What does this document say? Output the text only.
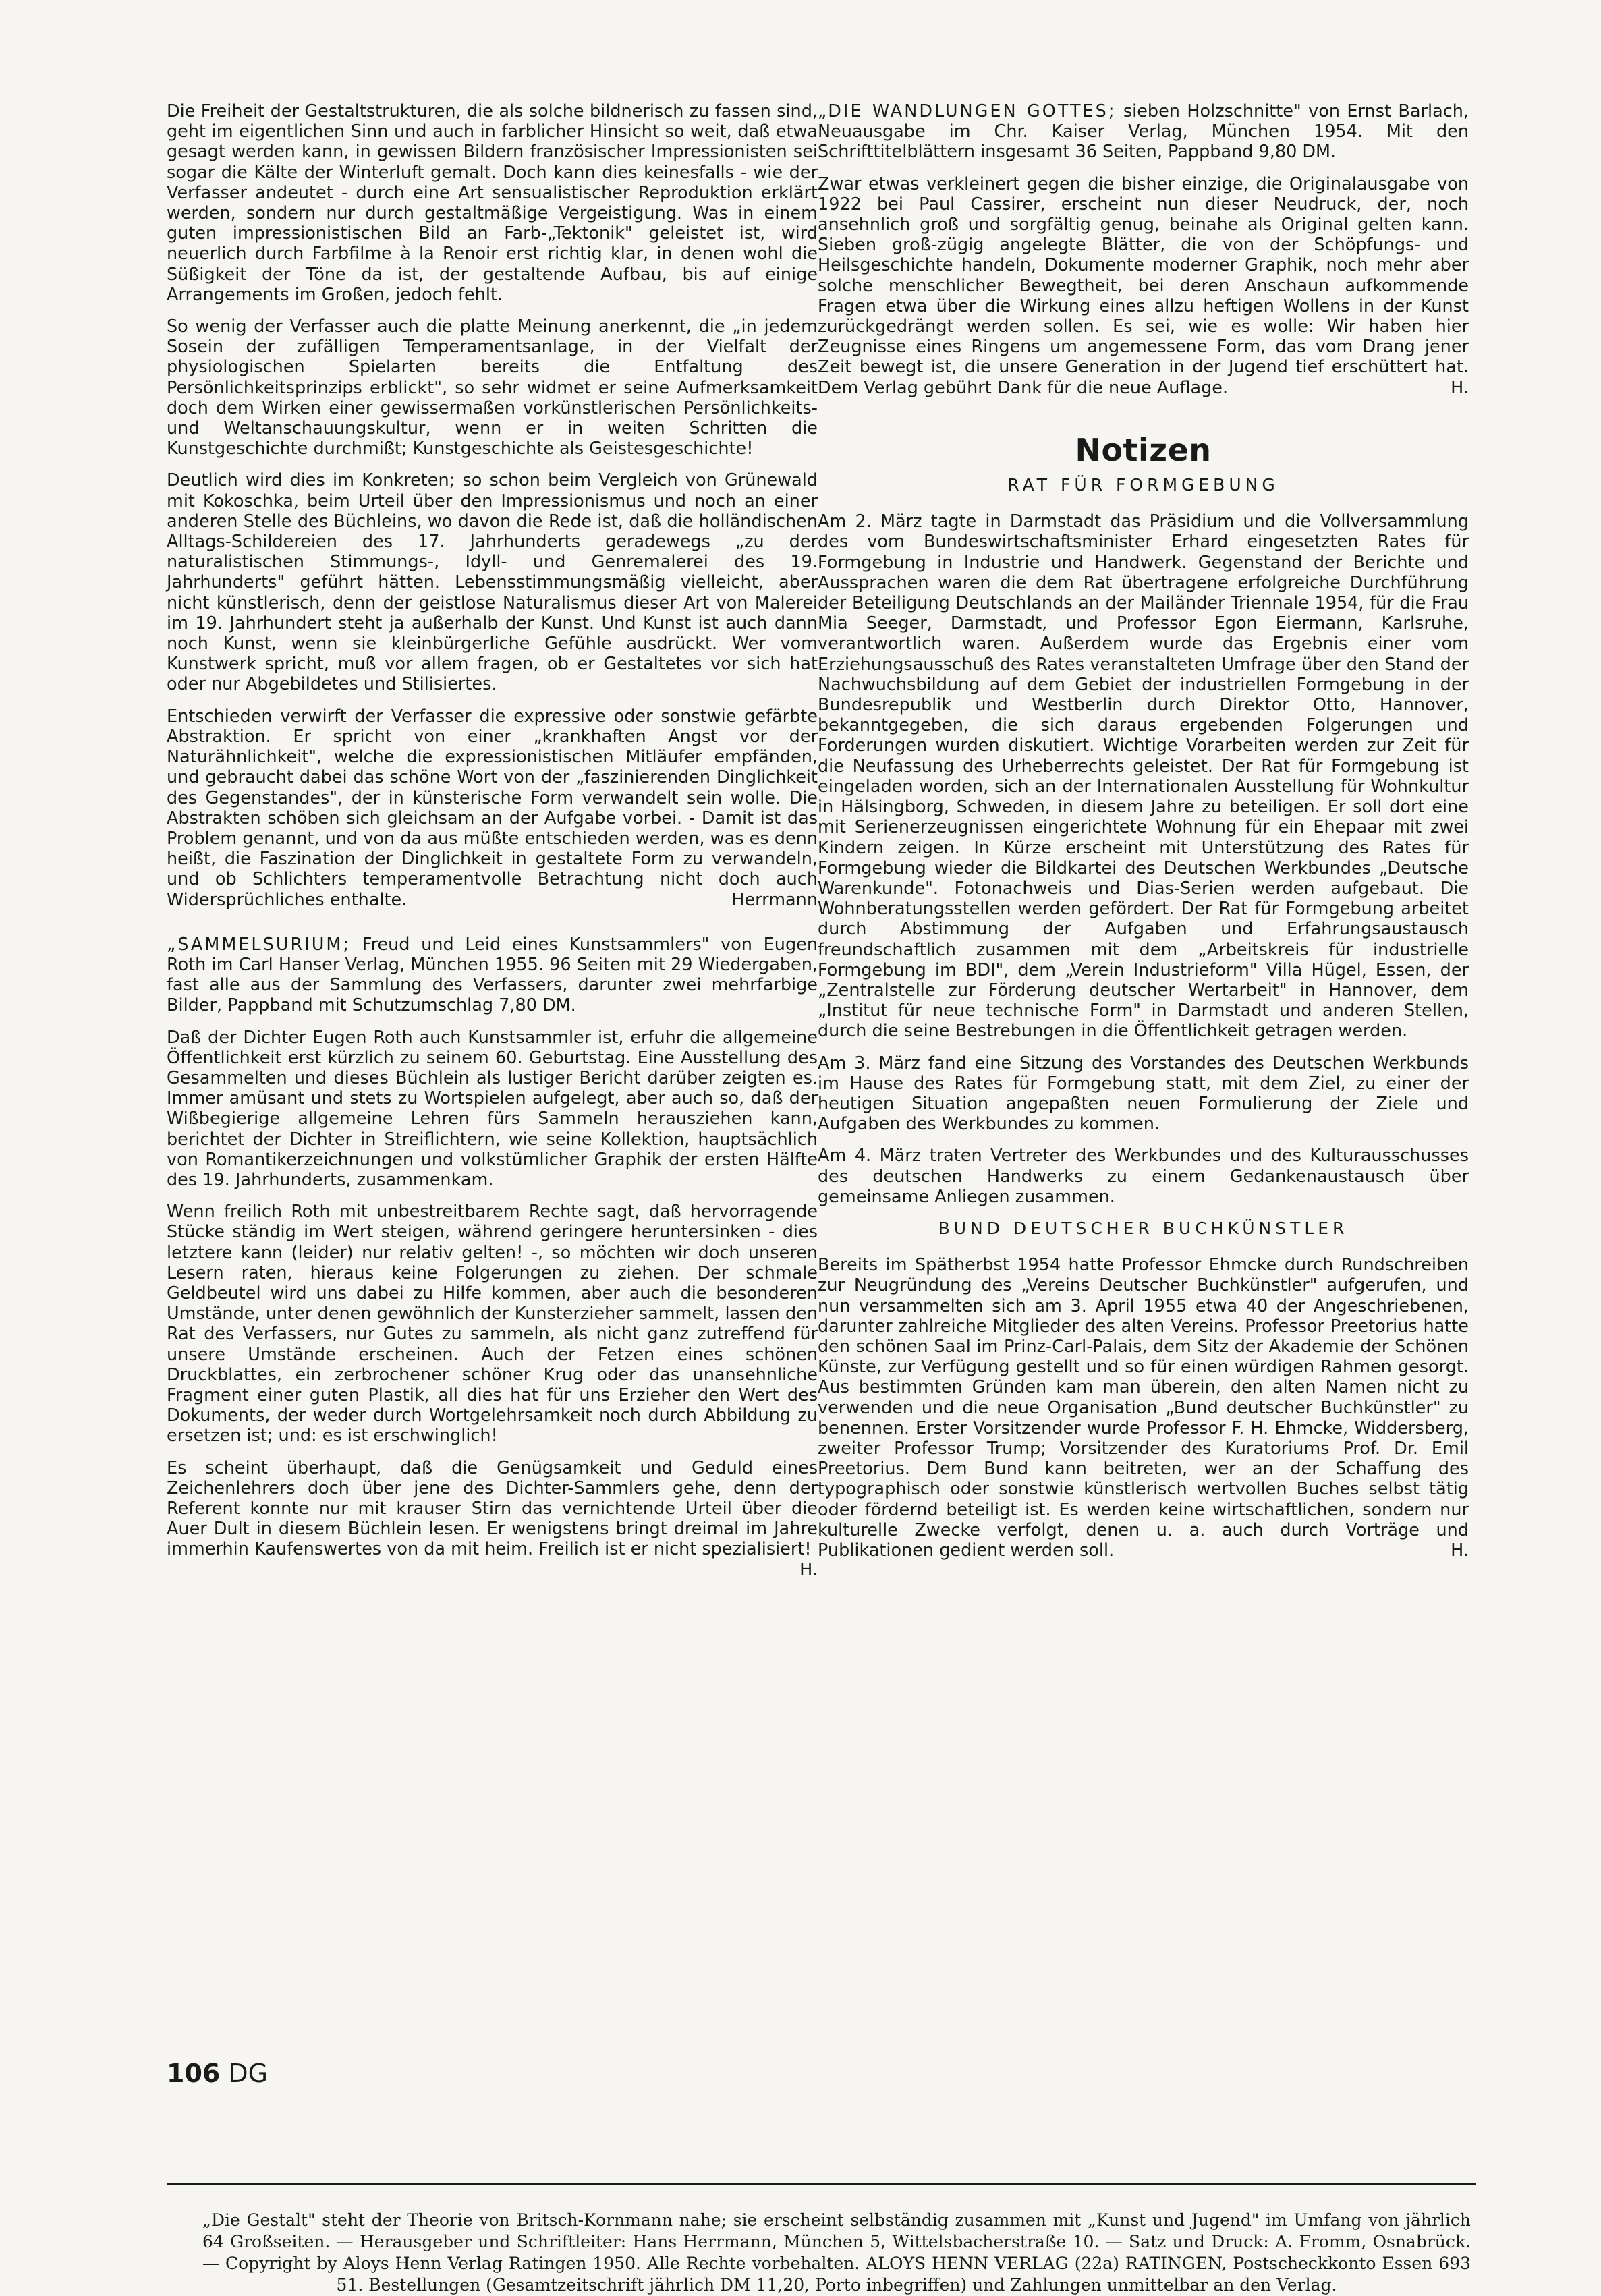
Die Freiheit der Gestaltstrukturen, die als solche bildnerisch zu fassen sind, geht im eigentlichen Sinn und auch in farblicher Hinsicht so weit, daß etwa gesagt werden kann, in gewissen Bildern französischer Impressionisten sei sogar die Kälte der Winterluft gemalt. Doch kann dies keinesfalls - wie der Verfasser andeutet - durch eine Art sensualistischer Reproduktion erklärt werden, sondern nur durch gestaltmäßige Vergeistigung. Was in einem guten impressionistischen Bild an Farb-„Tektonik" geleistet ist, wird neuerlich durch Farbfilme à la Renoir erst richtig klar, in denen wohl die Süßigkeit der Töne da ist, der gestaltende Aufbau, bis auf einige Arrangements im Großen, jedoch fehlt.

So wenig der Verfasser auch die platte Meinung anerkennt, die „in jedem Sosein der zufälligen Temperamentsanlage, in der Vielfalt der physiologischen Spielarten bereits die Entfaltung des Persönlichkeitsprinzips erblickt", so sehr widmet er seine Aufmerksamkeit doch dem Wirken einer gewissermaßen vorkünstlerischen Persönlichkeits- und Weltanschauungskultur, wenn er in weiten Schritten die Kunstgeschichte durchmißt; Kunstgeschichte als Geistesgeschichte!

Deutlich wird dies im Konkreten; so schon beim Vergleich von Grünewald mit Kokoschka, beim Urteil über den Impressionismus und noch an einer anderen Stelle des Büchleins, wo davon die Rede ist, daß die holländischen Alltags-Schildereien des 17. Jahrhunderts geradewegs „zu der naturalistischen Stimmungs-, Idyll- und Genremalerei des 19. Jahrhunderts" geführt hätten. Lebensstimmungsmäßig vielleicht, aber nicht künstlerisch, denn der geistlose Naturalismus dieser Art von Malerei im 19. Jahrhundert steht ja außerhalb der Kunst. Und Kunst ist auch dann noch Kunst, wenn sie kleinbürgerliche Gefühle ausdrückt. Wer vom Kunstwerk spricht, muß vor allem fragen, ob er Gestaltetes vor sich hat oder nur Abgebildetes und Stilisiertes.

Entschieden verwirft der Verfasser die expressive oder sonstwie gefärbte Abstraktion. Er spricht von einer „krankhaften Angst vor der Naturähnlichkeit", welche die expressionistischen Mitläufer empfänden, und gebraucht dabei das schöne Wort von der „faszinierenden Dinglichkeit des Gegenstandes", der in künsterische Form verwandelt sein wolle. Die Abstrakten schöben sich gleichsam an der Aufgabe vorbei. - Damit ist das Problem genannt, und von da aus müßte entschieden werden, was es denn heißt, die Faszination der Dinglichkeit in gestaltete Form zu verwandeln, und ob Schlichters temperamentvolle Betrachtung nicht doch auch Widersprüchliches enthalte.	Herrmann

„SAMMELSURIUM; Freud und Leid eines Kunstsammlers" von Eugen Roth im Carl Hanser Verlag, München 1955. 96 Seiten mit 29 Wiedergaben, fast alle aus der Sammlung des Verfassers, darunter zwei mehrfarbige Bilder, Pappband mit Schutzumschlag 7,80 DM.

Daß der Dichter Eugen Roth auch Kunstsammler ist, erfuhr die allgemeine Öffentlichkeit erst kürzlich zu seinem 60. Geburtstag. Eine Ausstellung des Gesammelten und dieses Büchlein als lustiger Bericht darüber zeigten es. Immer amüsant und stets zu Wortspielen aufgelegt, aber auch so, daß der Wißbegierige allgemeine Lehren fürs Sammeln herausziehen kann, berichtet der Dichter in Streiflichtern, wie seine Kollektion, hauptsächlich von Romantikerzeichnungen und volkstümlicher Graphik der ersten Hälfte des 19. Jahrhunderts, zusammenkam.

Wenn freilich Roth mit unbestreitbarem Rechte sagt, daß hervorragende Stücke ständig im Wert steigen, während geringere heruntersinken - dies letztere kann (leider) nur relativ gelten! -, so möchten wir doch unseren Lesern raten, hieraus keine Folgerungen zu ziehen. Der schmale Geldbeutel wird uns dabei zu Hilfe kommen, aber auch die besonderen Umstände, unter denen gewöhnlich der Kunsterzieher sammelt, lassen den Rat des Verfassers, nur Gutes zu sammeln, als nicht ganz zutreffend für unsere Umstände erscheinen. Auch der Fetzen eines schönen Druckblattes, ein zerbrochener schöner Krug oder das unansehnliche Fragment einer guten Plastik, all dies hat für uns Erzieher den Wert des Dokuments, der weder durch Wortgelehrsamkeit noch durch Abbildung zu ersetzen ist; und: es ist erschwinglich!

Es scheint überhaupt, daß die Genügsamkeit und Geduld eines Zeichenlehrers doch über jene des Dichter-Sammlers gehe, denn der Referent konnte nur mit krauser Stirn das vernichtende Urteil über die Auer Dult in diesem Büchlein lesen. Er wenigstens bringt dreimal im Jahre immerhin Kaufenswertes von da mit heim. Freilich ist er nicht spezialisiert!
H.

„DIE WANDLUNGEN GOTTES; sieben Holzschnitte" von Ernst Barlach, Neuausgabe im Chr. Kaiser Verlag, München 1954. Mit den Schrifttitelblättern insgesamt 36 Seiten, Pappband 9,80 DM.

Zwar etwas verkleinert gegen die bisher einzige, die Originalausgabe von 1922 bei Paul Cassirer, erscheint nun dieser Neudruck, der, noch ansehnlich groß und sorgfältig genug, beinahe als Original gelten kann. Sieben groß-zügig angelegte Blätter, die von der Schöpfungs- und Heilsgeschichte handeln, Dokumente moderner Graphik, noch mehr aber solche menschlicher Bewegtheit, bei deren Anschaun aufkommende Fragen etwa über die Wirkung eines allzu heftigen Wollens in der Kunst zurückgedrängt werden sollen. Es sei, wie es wolle: Wir haben hier Zeugnisse eines Ringens um angemessene Form, das vom Drang jener Zeit bewegt ist, die unsere Generation in der Jugend tief erschüttert hat. Dem Verlag gebührt Dank für die neue Auflage.	H.

Notizen
RAT FÜR FORMGEBUNG

Am 2. März tagte in Darmstadt das Präsidium und die Vollversammlung des vom Bundeswirtschaftsminister Erhard eingesetzten Rates für Formgebung in Industrie und Handwerk. Gegenstand der Berichte und Aussprachen waren die dem Rat übertragene erfolgreiche Durchführung der Beteiligung Deutschlands an der Mailänder Triennale 1954, für die Frau Mia Seeger, Darmstadt, und Professor Egon Eiermann, Karlsruhe, verantwortlich waren. Außerdem wurde das Ergebnis einer vom Erziehungsausschuß des Rates veranstalteten Umfrage über den Stand der Nachwuchsbildung auf dem Gebiet der industriellen Formgebung in der Bundesrepublik und Westberlin durch Direktor Otto, Hannover, bekanntgegeben, die sich daraus ergebenden Folgerungen und Forderungen wurden diskutiert. Wichtige Vorarbeiten werden zur Zeit für die Neufassung des Urheberrechts geleistet. Der Rat für Formgebung ist eingeladen worden, sich an der Internationalen Ausstellung für Wohnkultur in Hälsingborg, Schweden, in diesem Jahre zu beteiligen. Er soll dort eine mit Serienerzeugnissen eingerichtete Wohnung für ein Ehepaar mit zwei Kindern zeigen. In Kürze erscheint mit Unterstützung des Rates für Formgebung wieder die Bildkartei des Deutschen Werkbundes „Deutsche Warenkunde". Fotonachweis und Dias-Serien werden aufgebaut. Die Wohnberatungsstellen werden gefördert. Der Rat für Formgebung arbeitet durch Abstimmung der Aufgaben und Erfahrungsaustausch freundschaftlich zusammen mit dem „Arbeitskreis für industrielle Formgebung im BDI", dem „Verein Industrieform" Villa Hügel, Essen, der „Zentralstelle zur Förderung deutscher Wertarbeit" in Hannover, dem „Institut für neue technische Form" in Darmstadt und anderen Stellen, durch die seine Bestrebungen in die Öffentlichkeit getragen werden.

Am 3. März fand eine Sitzung des Vorstandes des Deutschen Werkbunds im Hause des Rates für Formgebung statt, mit dem Ziel, zu einer der heutigen Situation angepaßten neuen Formulierung der Ziele und Aufgaben des Werkbundes zu kommen.

Am 4. März traten Vertreter des Werkbundes und des Kulturausschusses des deutschen Handwerks zu einem Gedankenaustausch über gemeinsame Anliegen zusammen.

BUND DEUTSCHER BUCHKÜNSTLER

Bereits im Spätherbst 1954 hatte Professor Ehmcke durch Rundschreiben zur Neugründung des „Vereins Deutscher Buchkünstler" aufgerufen, und nun versammelten sich am 3. April 1955 etwa 40 der Angeschriebenen, darunter zahlreiche Mitglieder des alten Vereins. Professor Preetorius hatte den schönen Saal im Prinz-Carl-Palais, dem Sitz der Akademie der Schönen Künste, zur Verfügung gestellt und so für einen würdigen Rahmen gesorgt. Aus bestimmten Gründen kam man überein, den alten Namen nicht zu verwenden und die neue Organisation „Bund deutscher Buchkünstler" zu benennen. Erster Vorsitzender wurde Professor F. H. Ehmcke, Widdersberg, zweiter Professor Trump; Vorsitzender des Kuratoriums Prof. Dr. Emil Preetorius. Dem Bund kann beitreten, wer an der Schaffung des typographisch oder sonstwie künstlerisch wertvollen Buches selbst tätig oder fördernd beteiligt ist. Es werden keine wirtschaftlichen, sondern nur kulturelle Zwecke verfolgt, denen u. a. auch durch Vorträge und Publikationen gedient werden soll.	H.

„Die Gestalt" steht der Theorie von Britsch-Kornmann nahe; sie erscheint selbständig zusammen mit „Kunst und Jugend" im Umfang von jährlich 64 Großseiten. — Herausgeber und Schriftleiter: Hans Herrmann, München 5, Wittelsbacherstraße 10. — Satz und Druck: A. Fromm, Osnabrück. — Copyright by Aloys Henn Verlag Ratingen 1950. Alle Rechte vorbehalten. ALOYS HENN VERLAG (22a) RATINGEN, Postscheckkonto Essen 693 51. Bestellungen (Gesamtzeitschrift jährlich DM 11,20, Porto inbegriffen) und Zahlungen unmittelbar an den Verlag.
106 DG
